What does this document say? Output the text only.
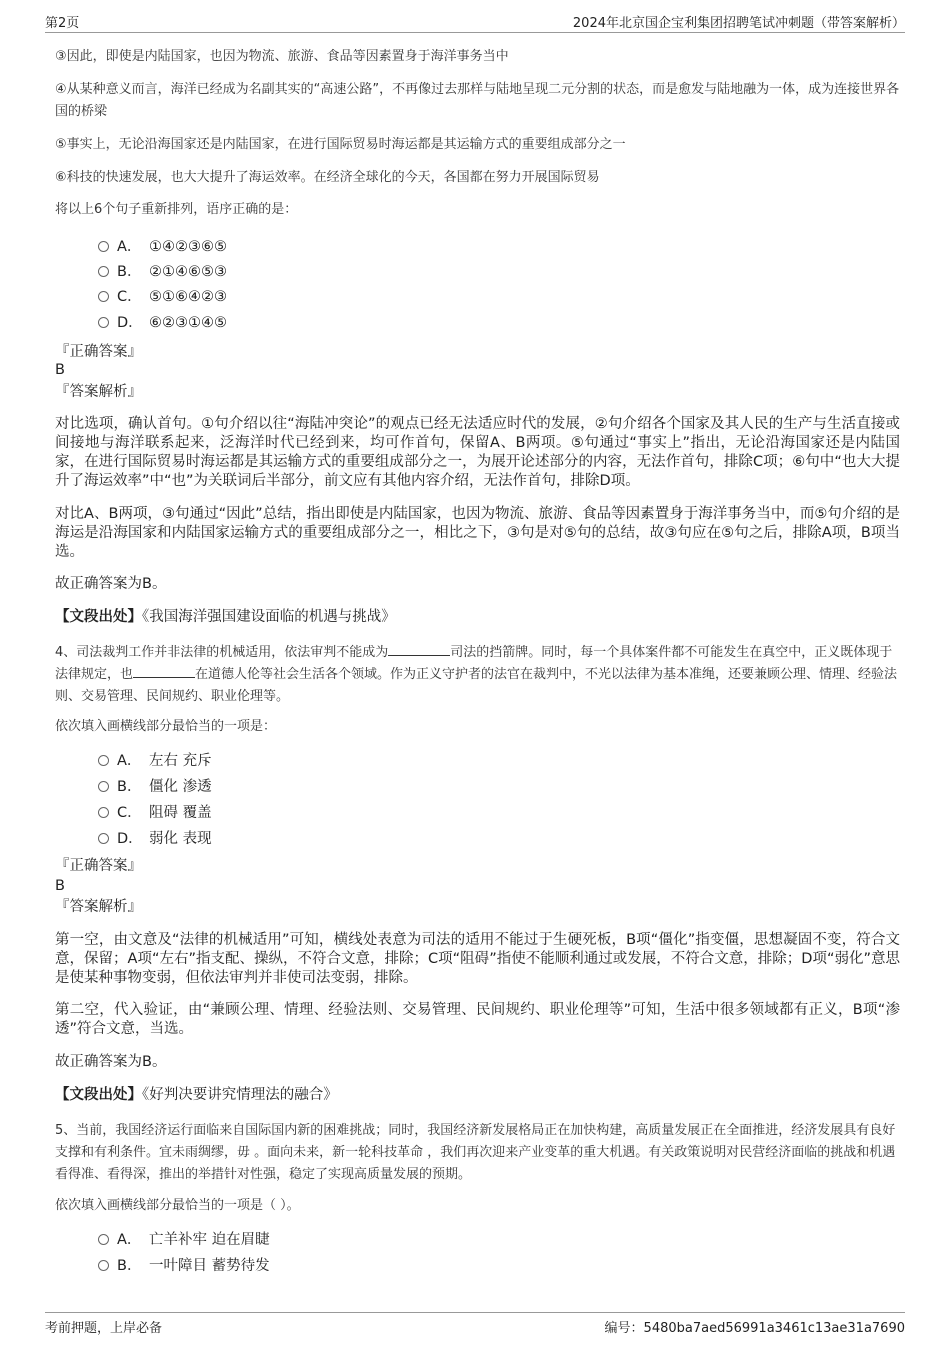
第2页	2024年北京国企宝利集团招聘笔试冲刺题（带答案解析）
③因此，即使是内陆国家，也因为物流、旅游、食品等因素置身于海洋事务当中
④从某种意义而言，海洋已经成为名副其实的“高速公路”，不再像过去那样与陆地呈现二元分割的状态，而是愈发与陆地融为一体，成为连接世界各国的桥梁
⑤事实上，无论沿海国家还是内陆国家，在进行国际贸易时海运都是其运输方式的重要组成部分之一
⑥科技的快速发展，也大大提升了海运效率。在经济全球化的今天，各国都在努力开展国际贸易
将以上6个句子重新排列，语序正确的是：
A． ①④②③⑥⑤
B． ②①④⑥⑤③
C． ⑤①⑥④②③
D． ⑥②③①④⑤
『正确答案』
B
『答案解析』
对比选项，确认首句。①句介绍以往“海陆冲突论”的观点已经无法适应时代的发展，②句介绍各个国家及其人民的生产与生活直接或间接地与海洋联系起来，泛海洋时代已经到来，均可作首句，保留A、B两项。⑤句通过“事实上”指出，无论沿海国家还是内陆国家，在进行国际贸易时海运都是其运输方式的重要组成部分之一，为展开论述部分的内容，无法作首句，排除C项；⑥句中“也大大提升了海运效率”中“也”为关联词后半部分，前文应有其他内容介绍，无法作首句，排除D项。
对比A、B两项，③句通过“因此”总结，指出即使是内陆国家，也因为物流、旅游、食品等因素置身于海洋事务当中，而⑤句介绍的是海运是沿海国家和内陆国家运输方式的重要组成部分之一，相比之下，③句是对⑤句的总结，故③句应在⑤句之后，排除A项，B项当选。
故正确答案为B。
【文段出处】《我国海洋强国建设面临的机遇与挑战》
4、司法裁判工作并非法律的机械适用，依法审判不能成为	司法的挡箭牌。同时，每一个具体案件都不可能发生在真空中，正义既体现于法律规定，也	在道德人伦等社会生活各个领域。作为正义守护者的法官在裁判中，不光以法律为基本准绳，还要兼顾公理、情理、经验法则、交易管理、民间规约、职业伦理等。
依次填入画横线部分最恰当的一项是：
A． 左右 充斥
B． 僵化 渗透
C． 阻碍 覆盖
D． 弱化 表现
『正确答案』
B
『答案解析』
第一空，由文意及“法律的机械适用”可知，横线处表意为司法的适用不能过于生硬死板，B项“僵化”指变僵，思想凝固不变，符合文意，保留；A项“左右”指支配、操纵，不符合文意，排除；C项“阻碍”指使不能顺利通过或发展，不符合文意，排除；D项“弱化”意思是使某种事物变弱，但依法审判并非使司法变弱，排除。
第二空，代入验证，由“兼顾公理、情理、经验法则、交易管理、民间规约、职业伦理等”可知，生活中很多领域都有正义，B项“渗透”符合文意，当选。
故正确答案为B。
【文段出处】《好判决要讲究情理法的融合》
5、当前，我国经济运行面临来自国际国内新的困难挑战；同时，我国经济新发展格局正在加快构建，高质量发展正在全面推进，经济发展具有良好支撑和有利条件。宜未雨绸缪，毋 。面向未来，新一轮科技革命 ，我们再次迎来产业变革的重大机遇。有关政策说明对民营经济面临的挑战和机遇看得准、看得深，推出的举措针对性强，稳定了实现高质量发展的预期。
依次填入画横线部分最恰当的一项是（ ）。
A． 亡羊补牢 迫在眉睫
B． 一叶障目 蓄势待发
考前押题，上岸必备	编号：5480ba7aed56991a3461c13ae31a7690
